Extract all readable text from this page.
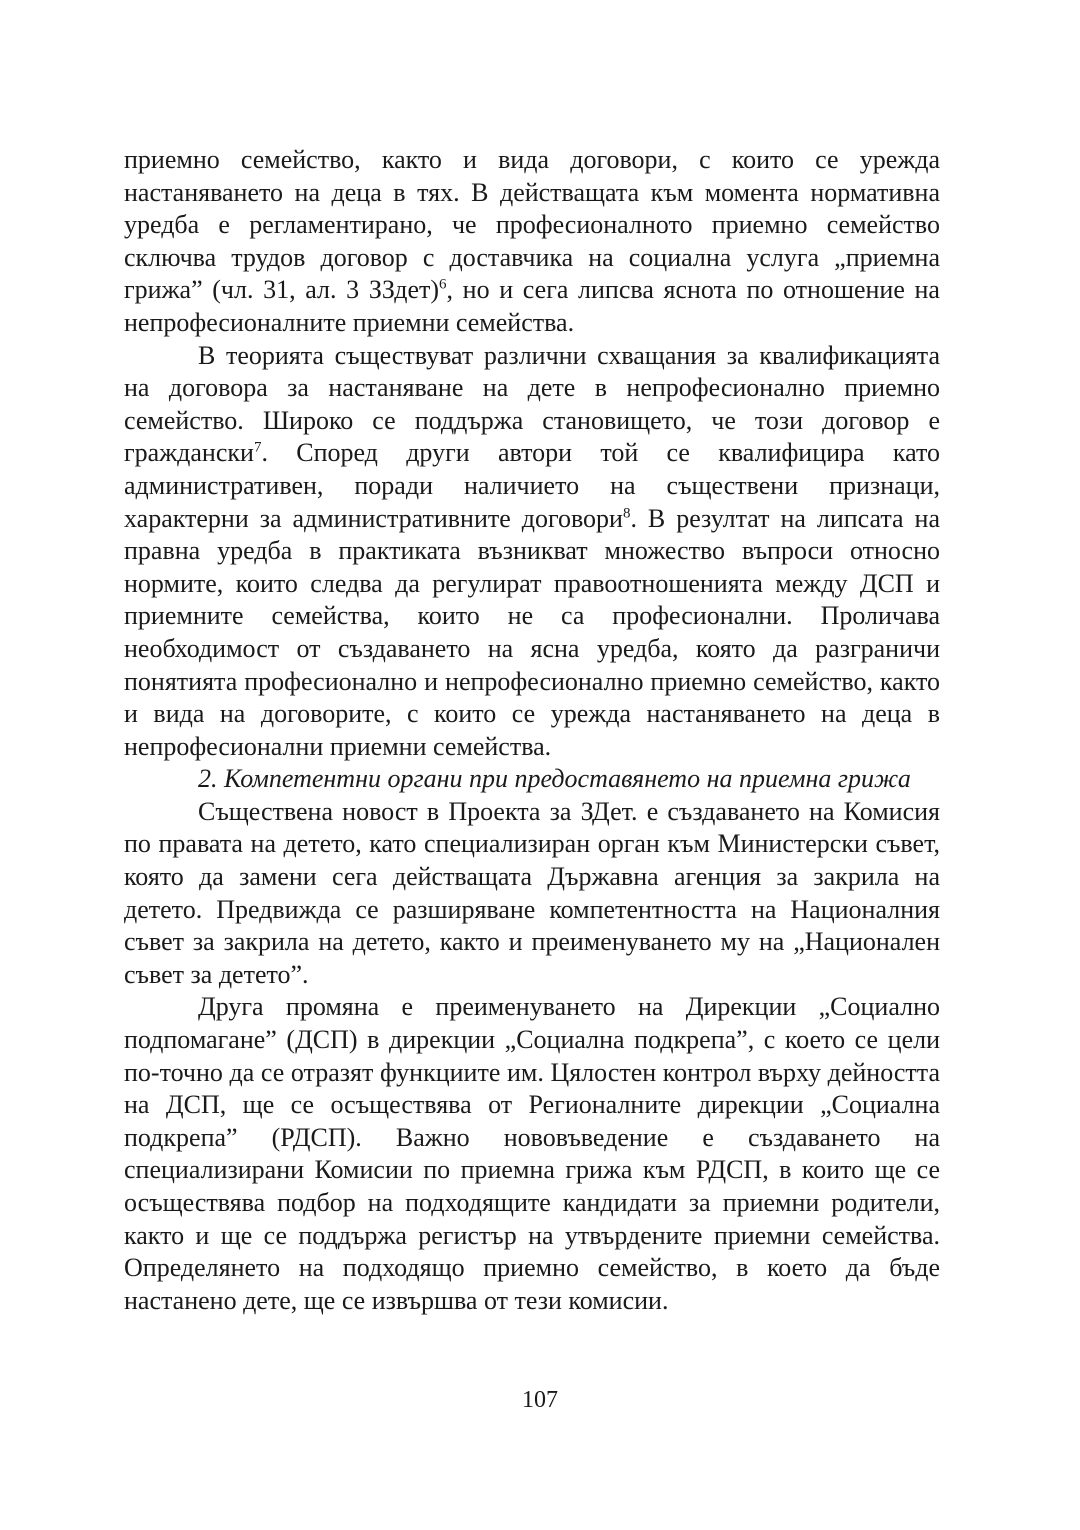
приемно семейство, както и вида договори, с които се урежда настаняването на деца в тях. В действащата към момента нормативна уредба е регламентирано, че професионалното приемно семейство сключва трудов договор с доставчика на социална услуга „приемна грижа” (чл. 31, ал. 3 ЗЗдет)$^6$, но и сега липсва яснота по отношение на непрофесионалните приемни семейства.

В теорията съществуват различни схващания за квалификацията на договора за настаняване на дете в непрофесионално приемно семейство. Широко се поддържа становището, че този договор е граждански$^7$. Според други автори той се квалифицира като административен, поради наличието на съществени признаци, характерни за административните договори$^8$. В резултат на липсата на правна уредба в практиката възникват множество въпроси относно нормите, които следва да регулират правоотношенията между ДСП и приемните семейства, които не са професионални. Проличава необходимост от създаването на ясна уредба, която да разграничи понятията професионално и непрофесионално приемно семейство, както и вида на договорите, с които се урежда настаняването на деца в непрофесионални приемни семейства.

2. Компетентни органи при предоставянето на приемна грижа

Съществена новост в Проекта за ЗДет. е създаването на Комисия по правата на детето, като специализиран орган към Министерски съвет, която да замени сега действащата Държавна агенция за закрила на детето. Предвижда се разширяване компетентността на Националния съвет за закрила на детето, както и преименуването му на „Национален съвет за детето”.

Друга промяна е преименуването на Дирекции „Социално подпомагане” (ДСП) в дирекции „Социална подкрепа”, с което се цели по-точно да се отразят функциите им. Цялостен контрол върху дейността на ДСП, ще се осъществява от Регионалните дирекции „Социална подкрепа” (РДСП). Важно нововъведение е създаването на специализирани Комисии по приемна грижа към РДСП, в които ще се осъществява подбор на подходящите кандидати за приемни родители, както и ще се поддържа регистър на утвърдените приемни семейства. Определянето на подходящо приемно семейство, в което да бъде настанено дете, ще се извършва от тези комисии.

107
